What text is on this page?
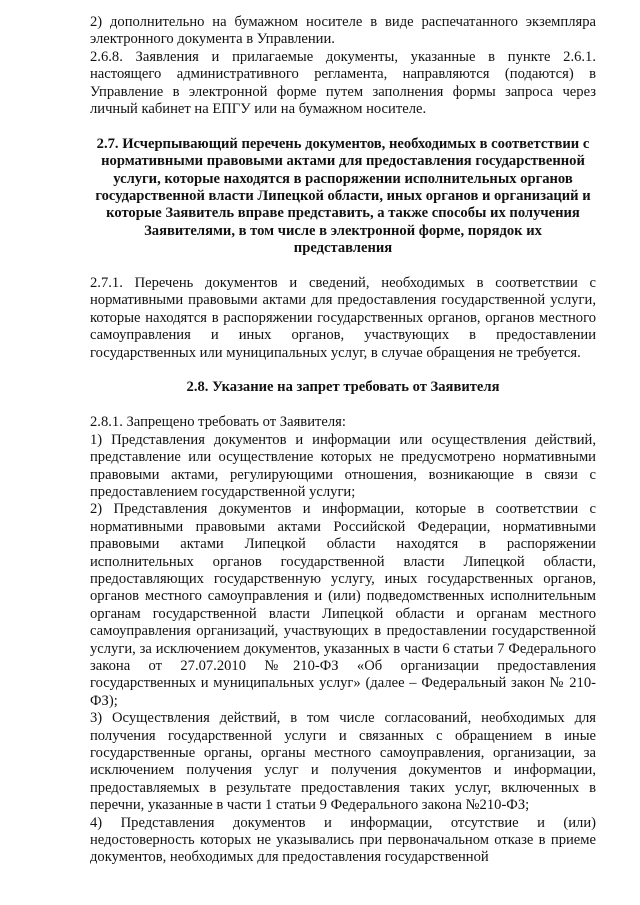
2) дополнительно на бумажном носителе в виде распечатанного экземпляра электронного документа в Управлении.

2.6.8. Заявления и прилагаемые документы, указанные в пункте 2.6.1. настоящего административного регламента, направляются (подаются) в Управление в электронной форме путем заполнения формы запроса через личный кабинет на ЕПГУ или на бумажном носителе.

2.7. Исчерпывающий перечень документов, необходимых в соответствии с нормативными правовыми актами для предоставления государственной услуги, которые находятся в распоряжении исполнительных органов государственной власти Липецкой области, иных органов и организаций и которые Заявитель вправе представить, а также способы их получения Заявителями, в том числе в электронной форме, порядок их представления

2.7.1. Перечень документов и сведений, необходимых в соответствии с нормативными правовыми актами для предоставления государственной услуги, которые находятся в распоряжении государственных органов, органов местного самоуправления и иных органов, участвующих в предоставлении государственных или муниципальных услуг, в случае обращения не требуется.

2.8. Указание на запрет требовать от Заявителя

2.8.1. Запрещено требовать от Заявителя:

1) Представления документов и информации или осуществления действий, представление или осуществление которых не предусмотрено нормативными правовыми актами, регулирующими отношения, возникающие в связи с предоставлением государственной услуги;

2) Представления документов и информации, которые в соответствии с нормативными правовыми актами Российской Федерации, нормативными правовыми актами Липецкой области находятся в распоряжении исполнительных органов государственной власти Липецкой области, предоставляющих государственную услугу, иных государственных органов, органов местного самоуправления и (или) подведомственных исполнительным органам государственной власти Липецкой области и органам местного самоуправления организаций, участвующих в предоставлении государственной услуги, за исключением документов, указанных в части 6 статьи 7 Федерального закона от 27.07.2010 №210-ФЗ «Об организации предоставления государственных и муниципальных услуг» (далее – Федеральный закон № 210-ФЗ);

3) Осуществления действий, в том числе согласований, необходимых для получения государственной услуги и связанных с обращением в иные государственные органы, органы местного самоуправления, организации, за исключением получения услуг и получения документов и информации, предоставляемых в результате предоставления таких услуг, включенных в перечни, указанные в части 1 статьи 9 Федерального закона №210-ФЗ;

4) Представления документов и информации, отсутствие и (или) недостоверность которых не указывались при первоначальном отказе в приеме документов, необходимых для предоставления государственной
